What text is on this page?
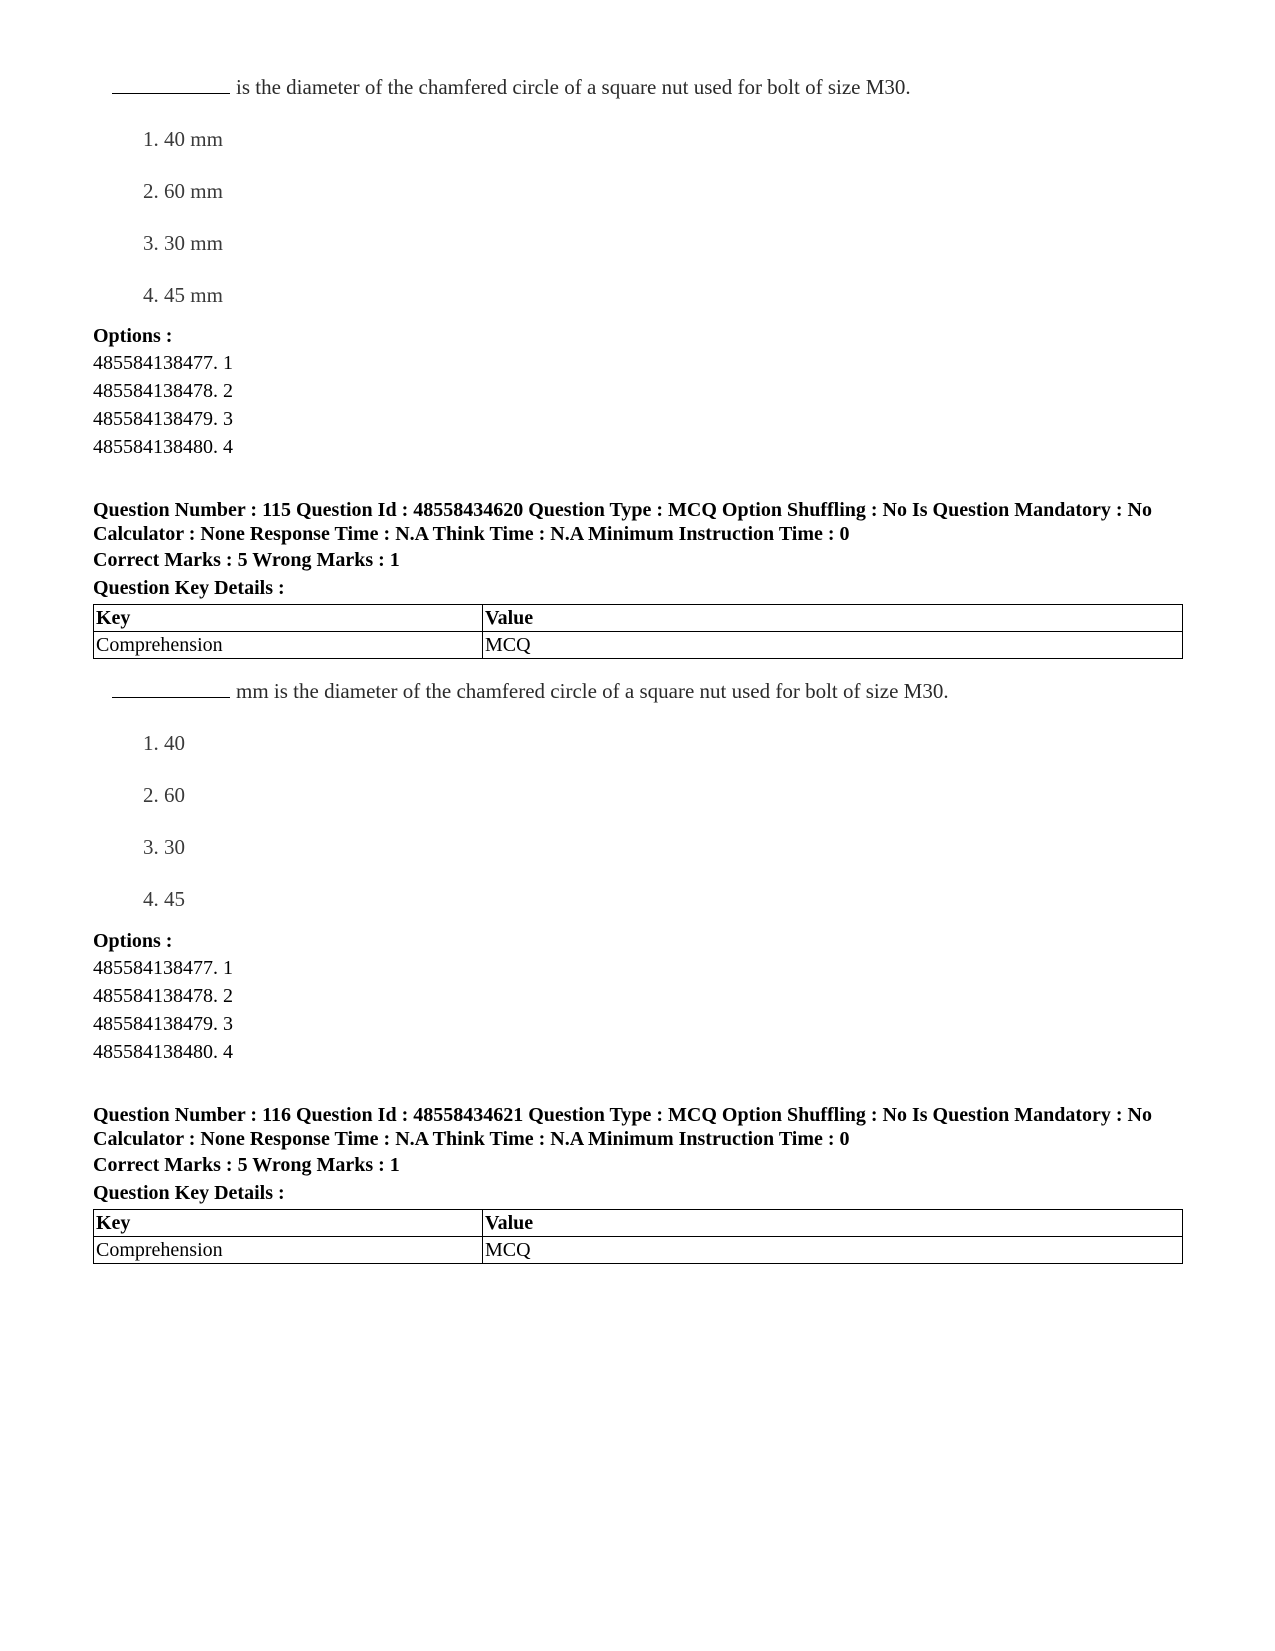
is the diameter of the chamfered circle of a square nut used for bolt of size M30.
1. 40 mm
2. 60 mm
3. 30 mm
4. 45 mm
Options :
485584138477. 1
485584138478. 2
485584138479. 3
485584138480. 4
Question Number : 115 Question Id : 48558434620 Question Type : MCQ Option Shuffling : No Is Question Mandatory : No Calculator : None Response Time : N.A Think Time : N.A Minimum Instruction Time : 0
Correct Marks : 5 Wrong Marks : 1
Question Key Details :
Key	Value
Comprehension	MCQ
mm is the diameter of the chamfered circle of a square nut used for bolt of size M30.
1. 40
2. 60
3. 30
4. 45
Options :
485584138477. 1
485584138478. 2
485584138479. 3
485584138480. 4
Question Number : 116 Question Id : 48558434621 Question Type : MCQ Option Shuffling : No Is Question Mandatory : No Calculator : None Response Time : N.A Think Time : N.A Minimum Instruction Time : 0
Correct Marks : 5 Wrong Marks : 1
Question Key Details :
Key	Value
Comprehension	MCQ
